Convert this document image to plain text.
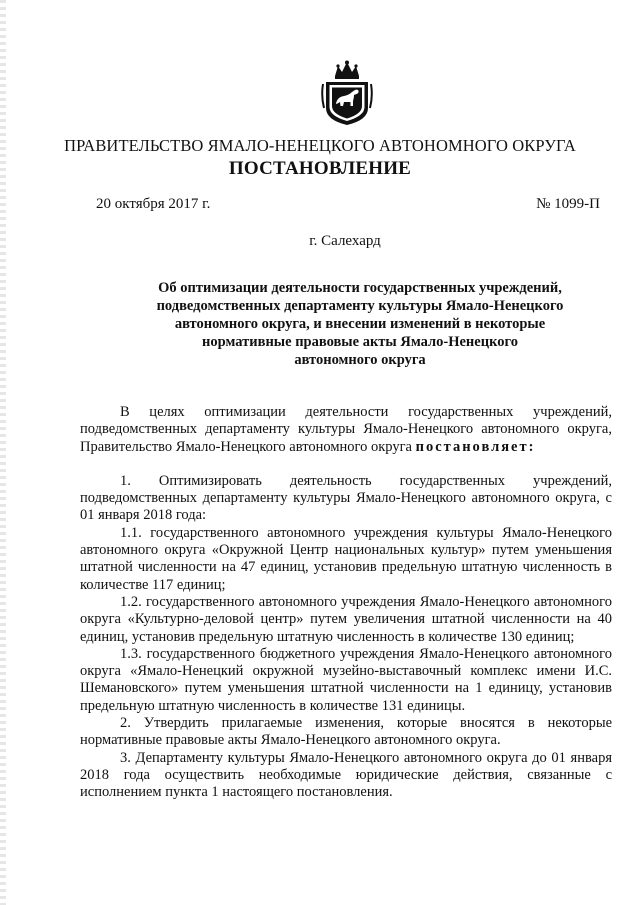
ПРАВИТЕЛЬСТВО ЯМАЛО-НЕНЕЦКОГО АВТОНОМНОГО ОКРУГА
ПОСТАНОВЛЕНИЕ
20 октября 2017 г.	№ 1099-П
г. Салехард
Об оптимизации деятельности государственных учреждений,
подведомственных департаменту культуры Ямало-Ненецкого
автономного округа, и внесении изменений в некоторые
нормативные правовые акты Ямало-Ненецкого
автономного округа

В целях оптимизации деятельности государственных учреждений, подведомственных департаменту культуры Ямало-Ненецкого автономного округа, Правительство Ямало-Ненецкого автономного округа постановляет:

1. Оптимизировать деятельность государственных учреждений, подведомственных департаменту культуры Ямало-Ненецкого автономного округа, с 01 января 2018 года:

1.1. государственного автономного учреждения культуры Ямало-Ненецкого автономного округа «Окружной Центр национальных культур» путем уменьшения штатной численности на 47 единиц, установив предельную штатную численность в количестве 117 единиц;

1.2. государственного автономного учреждения Ямало-Ненецкого автономного округа «Культурно-деловой центр» путем увеличения штатной численности на 40 единиц, установив предельную штатную численность в количестве 130 единиц;

1.3. государственного бюджетного учреждения Ямало-Ненецкого автономного округа «Ямало-Ненецкий окружной музейно-выставочный комплекс имени И.С. Шемановского» путем уменьшения штатной численности на 1 единицу, установив предельную штатную численность в количестве 131 единицы.

2. Утвердить прилагаемые изменения, которые вносятся в некоторые нормативные правовые акты Ямало-Ненецкого автономного округа.

3. Департаменту культуры Ямало-Ненецкого автономного округа до 01 января 2018 года осуществить необходимые юридические действия, связанные с исполнением пункта 1 настоящего постановления.
